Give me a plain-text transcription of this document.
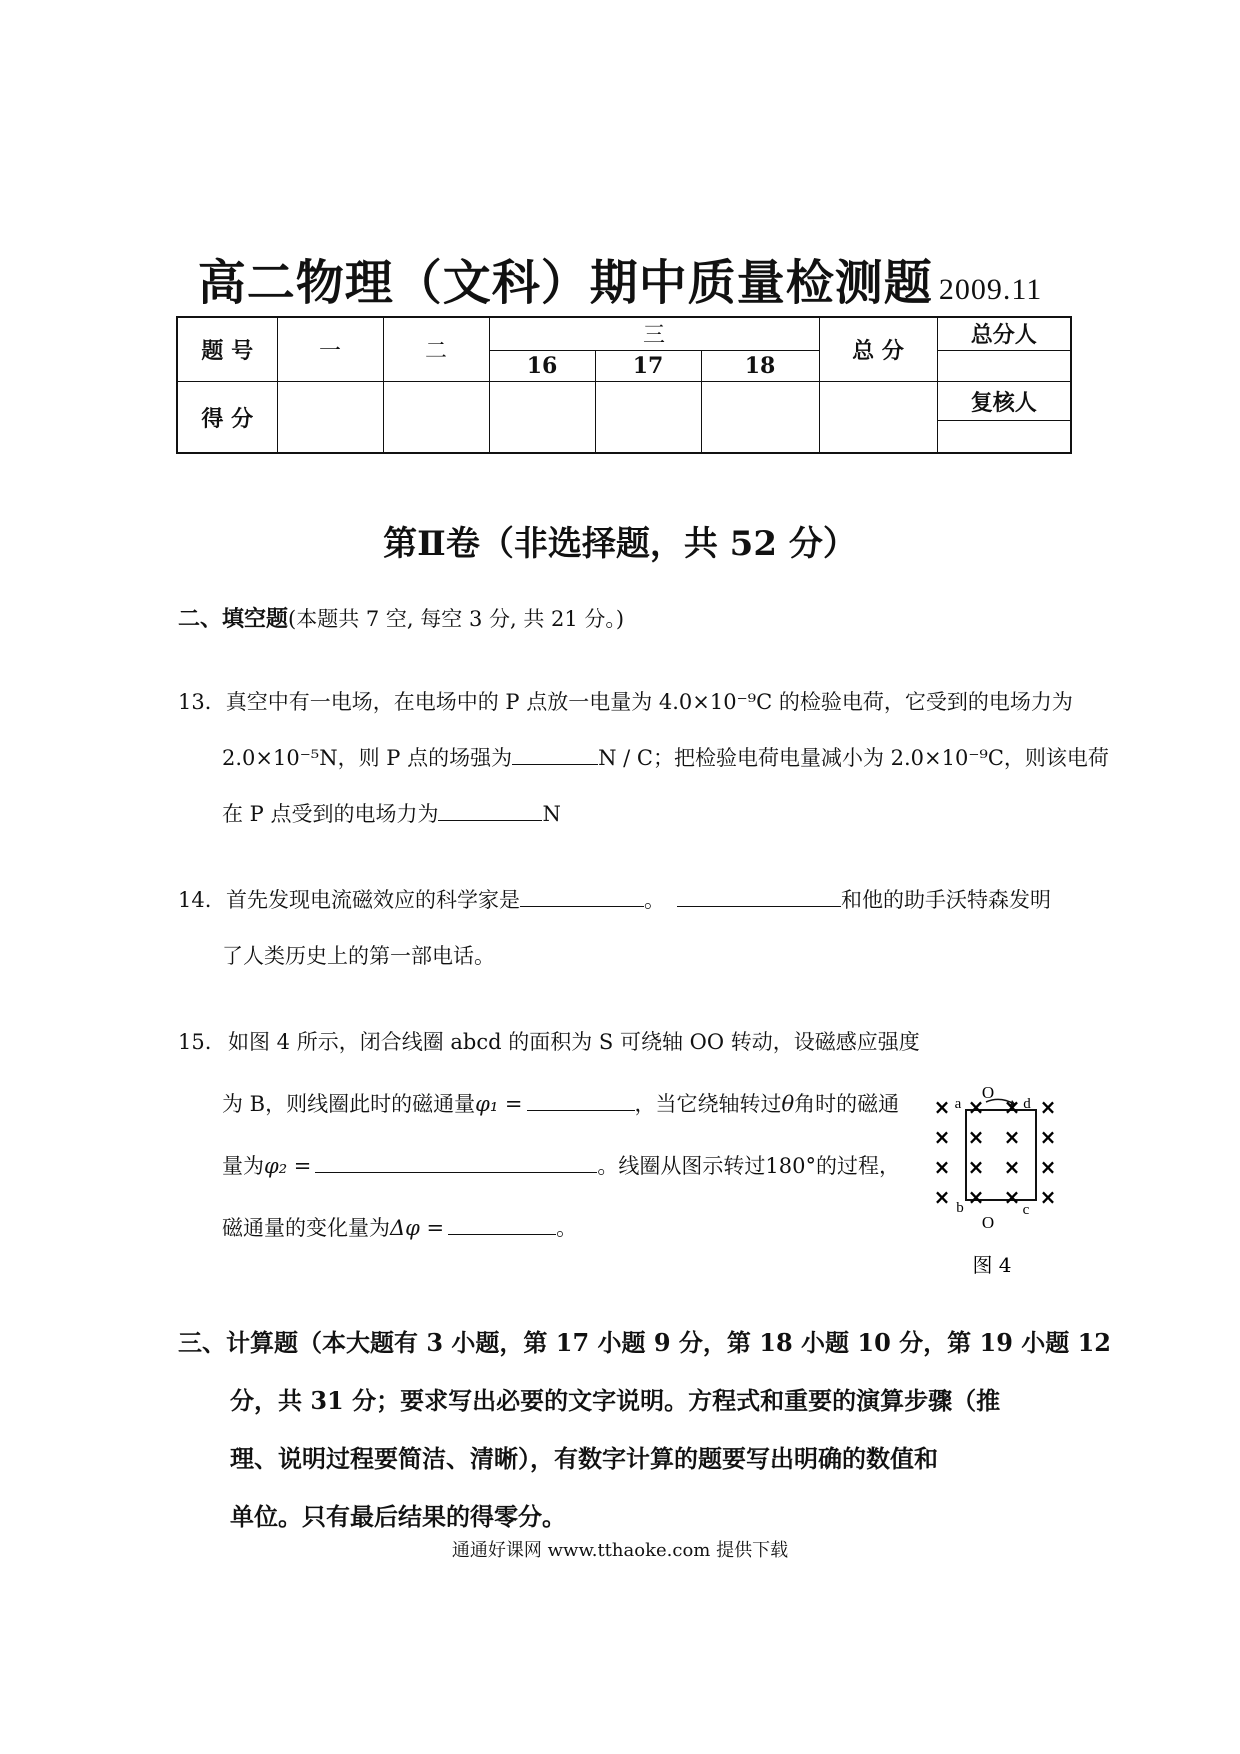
高二物理（文科）期中质量检测题 2009.11
题 号	一	二	三			总 分	总分人
			16	17	18		
得 分							复核人

第Ⅱ卷（非选择题，共 52 分）
二、填空题(本题共 7 空, 每空 3 分, 共 21 分。)
13．真空中有一电场，在电场中的 P 点放一电量为 4.0×10⁻⁹C 的检验电荷，它受到的电场力为
2.0×10⁻⁵N，则 P 点的场强为	N / C；把检验电荷电量减小为 2.0×10⁻⁹C，则该电荷
在 P 点受到的电场力为	N
14. 首先发现电流磁效应的科学家是	。	和他的助手沃特森发明
了人类历史上的第一部电话。
15. 如图 4 所示，闭合线圈 abcd 的面积为 S 可绕轴 OO 转动，设磁感应强度
为 B，则线圈此时的磁通量φ₁ =	，当它绕轴转过θ角时的磁通
量为φ₂ =	。线圈从图示转过180°的过程，
磁通量的变化量为Δφ =	。
× × × ×
× × × ×
× × × ×
× × × ×
O
O
a	d
b	c
图 4
三、计算题（本大题有 3 小题，第 17 小题 9 分，第 18 小题 10 分，第 19 小题 12
分，共 31 分；要求写出必要的文字说明。方程式和重要的演算步骤（推
理、说明过程要简洁、清晰），有数字计算的题要写出明确的数值和
单位。只有最后结果的得零分。
通通好课网 www.tthaoke.com 提供下载
